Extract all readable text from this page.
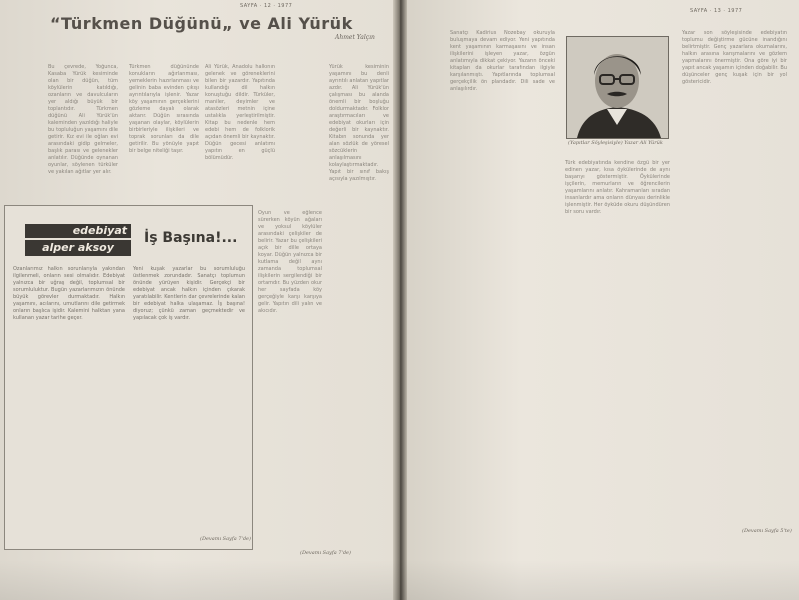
SAYFA · 12 · 1977
“Türkmen Düğünü„ ve Ali Yürük
Ahmet Yalçın

Bu çevrede, Yoğunca, Kasaba Yürük kesiminde olan bir düğün, tüm köylülerin katıldığı, ozanların ve davulcuların yer aldığı büyük bir toplantıdır. Türkmen düğünü Ali Yürük'ün kaleminden yazıldığı haliyle bu topluluğun yaşamını dile getirir. Kız evi ile oğlan evi arasındaki gidip gelmeler, başlık parası ve gelenekler anlatılır. Düğünde oynanan oyunlar, söylenen türküler ve yakılan ağıtlar yer alır.

Türkmen düğününde konukların ağırlanması, yemeklerin hazırlanması ve gelinin baba evinden çıkışı ayrıntılarıyla işlenir. Yazar köy yaşamının gerçeklerini gözleme dayalı olarak aktarır. Düğün sırasında yaşanan olaylar, köylülerin birbirleriyle ilişkileri ve toprak sorunları da dile getirilir. Bu yönüyle yapıt bir belge niteliği taşır.

Ali Yürük, Anadolu halkının gelenek ve göreneklerini bilen bir yazardır. Yapıtında kullandığı dil halkın konuştuğu dildir. Türküler, maniler, deyimler ve atasözleri metnin içine ustalıkla yerleştirilmiştir. Kitap bu nedenle hem edebi hem de folklorik açıdan önemli bir kaynaktır. Düğün gecesi anlatımı yapıtın en güçlü bölümüdür.

Oyun ve eğlence sürerken köyün ağaları ve yoksul köylüler arasındaki çelişkiler de belirir. Yazar bu çelişkileri açık bir dille ortaya koyar. Düğün yalnızca bir kutlama değil aynı zamanda toplumsal ilişkilerin sergilendiği bir ortamdır. Bu yüzden okur her sayfada köy gerçeğiyle karşı karşıya gelir. Yapıtın dili yalın ve akıcıdır.

Yürük kesiminin yaşamını bu denli ayrıntılı anlatan yapıtlar azdır. Ali Yürük'ün çalışması bu alanda önemli bir boşluğu doldurmaktadır. Folklor araştırmacıları ve edebiyat okurları için değerli bir kaynaktır. Kitabın sonunda yer alan sözlük de yöresel sözcüklerin anlaşılmasını kolaylaştırmaktadır. Yapıt bir sınıf bakış açısıyla yazılmıştır.

(Devamı Sayfa 7'de)
edebiyat
alper aksoy
İş Başına!...

Ozanlarımız halkın sorunlarıyla yakından ilgilenmeli, onların sesi olmalıdır. Edebiyat yalnızca bir uğraş değil, toplumsal bir sorumluluktur. Bugün yazarlarımızın önünde büyük görevler durmaktadır. Halkın yaşamını, acılarını, umutlarını dile getirmek onların başlıca işidir. Kalemini halktan yana kullanan yazar tarihe geçer.

Yeni kuşak yazarlar bu sorumluluğu üstlenmek zorundadır. Sanatçı toplumun önünde yürüyen kişidir. Gerçekçi bir edebiyat ancak halkın içinden çıkarak yaratılabilir. Kentlerin dar çevrelerinde kalan bir edebiyat halka ulaşamaz. İş başına! diyoruz; çünkü zaman geçmektedir ve yapılacak çok iş vardır.

(Devamı Sayfa 7'de)
SAYFA · 13 · 1977

Sanatçı Kadirius Nozebay okuruyla buluşmaya devam ediyor. Yeni yapıtında kent yaşamının karmaşasını ve insan ilişkilerini işleyen yazar, özgün anlatımıyla dikkat çekiyor. Yazarın önceki kitapları da okurlar tarafından ilgiyle karşılanmıştı. Yapıtlarında toplumsal gerçekçilik ön plandadır. Dili sade ve anlaşılırdır.

Türk edebiyatında kendine özgü bir yer edinen yazar, kısa öykülerinde de aynı başarıyı göstermiştir. Öykülerinde işçilerin, memurların ve öğrencilerin yaşamlarını anlatır. Kahramanları sıradan insanlardır ama onların dünyası derinlikle işlenmiştir. Her öyküde okuru düşündüren bir soru vardır.

Yazar son söyleşisinde edebiyatın toplumu değiştirme gücüne inandığını belirtmiştir. Genç yazarlara okumalarını, halkın arasına karışmalarını ve gözlem yapmalarını önermiştir. Ona göre iyi bir yapıt ancak yaşamın içinden doğabilir. Bu düşünceler genç kuşak için bir yol göstericidir.

(Yapıtlar Söyleşisiyle) Yazar Ali Yürük
(Devamı Sayfa 5'te)
